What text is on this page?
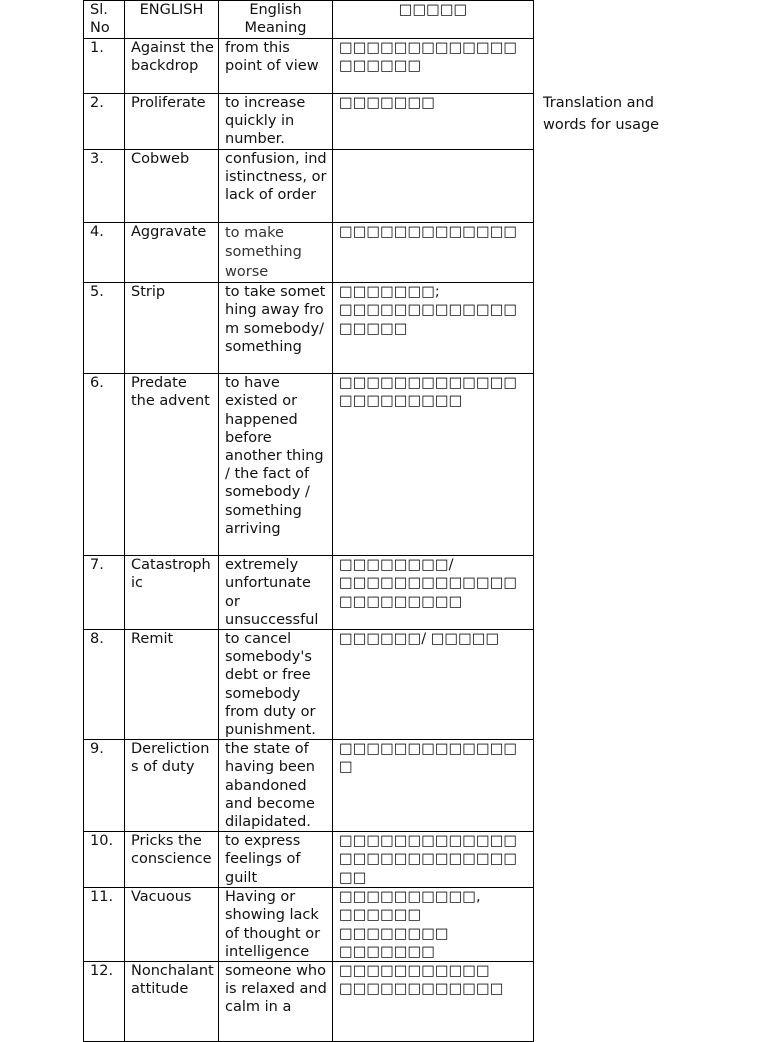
Sl. No	ENGLISH	English Meaning	□□□□□
1.	Against the backdrop	from this point of view	□□□□□□□□□□□□□□□□□□□
2.	Proliferate	to increase quickly in number.	□□□□□□□
3.	Cobweb	confusion, indistinctness, or lack of order	
4.	Aggravate	to make something worse	□□□□□□□□□□□□□
5.	Strip	to take something away from somebody/something	□□□□□□□; □□□□□□□□□□□□□□□□□□
6.	Predate the advent	to have existed or happened before another thing / the fact of somebody / something arriving	□□□□□□□□□□□□□□□□□□□□□□
7.	Catastrophic	extremely unfortunate or unsuccessful	□□□□□□□□/ □□□□□□□□□□□□□□□□□□□□□□
8.	Remit	to cancel somebody's debt or free somebody from duty or punishment.	□□□□□□/ □□□□□
9.	Derelictions of duty	the state of having been abandoned and become dilapidated.	□□□□□□□□□□□□□□
10.	Pricks the conscience	to express feelings of guilt	□□□□□□□□□□□□□□□□□□□□□□□□□□□□
11.	Vacuous	Having or showing lack of thought or intelligence	□□□□□□□□□□, □□□□□□ □□□□□□□□ □□□□□□□
12.	Nonchalant attitude	someone who is relaxed and calm in a	□□□□□□□□□□□ □□□□□□□□□□□□
Translation and words for usage
